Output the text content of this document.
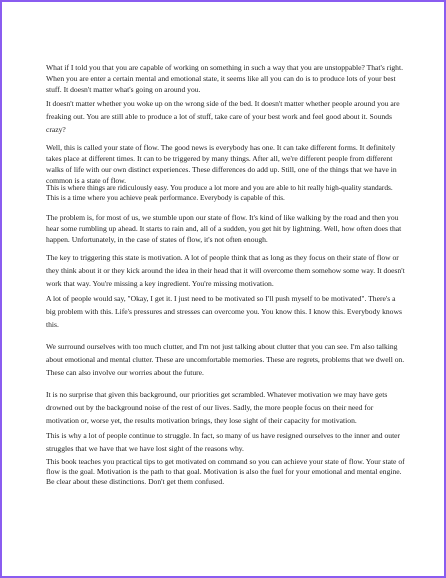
What if I told you that you are capable of working on something in such a way that you are unstoppable? That's right. When you are enter a certain mental and emotional state, it seems like all you can do is to produce lots of your best stuff. It doesn't matter what's going on around you.

It doesn't matter whether you woke up on the wrong side of the bed. It doesn't matter whether people around you are freaking out. You are still able to produce a lot of stuff, take care of your best work and feel good about it. Sounds crazy?

Well, this is called your state of flow. The good news is everybody has one. It can take different forms. It definitely takes place at different times. It can to be triggered by many things. After all, we're different people from different walks of life with our own distinct experiences. These differences do add up. Still, one of the things that we have in common is a state of flow.

This is where things are ridiculously easy. You produce a lot more and you are able to hit really high-quality standards. This is a time where you achieve peak performance. Everybody is capable of this.

The problem is, for most of us, we stumble upon our state of flow. It's kind of like walking by the road and then you hear some rumbling up ahead. It starts to rain and, all of a sudden, you get hit by lightning. Well, how often does that happen. Unfortunately, in the case of states of flow, it's not often enough.

The key to triggering this state is motivation. A lot of people think that as long as they focus on their state of flow or they think about it or they kick around the idea in their head that it will overcome them somehow some way. It doesn't work that way. You're missing a key ingredient. You're missing motivation.

A lot of people would say, "Okay, I get it. I just need to be motivated so I'll push myself to be motivated". There's a big problem with this. Life's pressures and stresses can overcome you. You know this. I know this. Everybody knows this.

We surround ourselves with too much clutter, and I'm not just talking about clutter that you can see. I'm also talking about emotional and mental clutter. These are uncomfortable memories. These are regrets, problems that we dwell on. These can also involve our worries about the future.

It is no surprise that given this background, our priorities get scrambled. Whatever motivation we may have gets drowned out by the background noise of the rest of our lives. Sadly, the more people focus on their need for motivation or, worse yet, the results motivation brings, they lose sight of their capacity for motivation.

This is why a lot of people continue to struggle. In fact, so many of us have resigned ourselves to the inner and outer struggles that we have that we have lost sight of the reasons why.

This book teaches you practical tips to get motivated on command so you can achieve your state of flow. Your state of flow is the goal. Motivation is the path to that goal. Motivation is also the fuel for your emotional and mental engine. Be clear about these distinctions. Don't get them confused.
